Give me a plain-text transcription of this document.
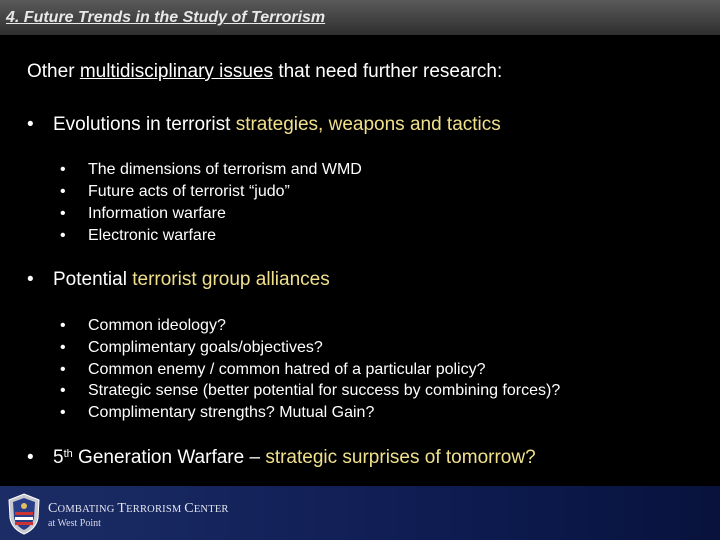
4. Future Trends in the Study of Terrorism
Other multidisciplinary issues that need further research:
• Evolutions in terrorist strategies, weapons and tactics
• The dimensions of terrorism and WMD
• Future acts of terrorist “judo”
• Information warfare
• Electronic warfare
• Potential terrorist group alliances
• Common ideology?
• Complimentary goals/objectives?
• Common enemy / common hatred of a particular policy?
• Strategic sense (better potential for success by combining forces)?
• Complimentary strengths? Mutual Gain?
• 5th Generation Warfare – strategic surprises of tomorrow?
COMBATING TERRORISM CENTER
at West Point
